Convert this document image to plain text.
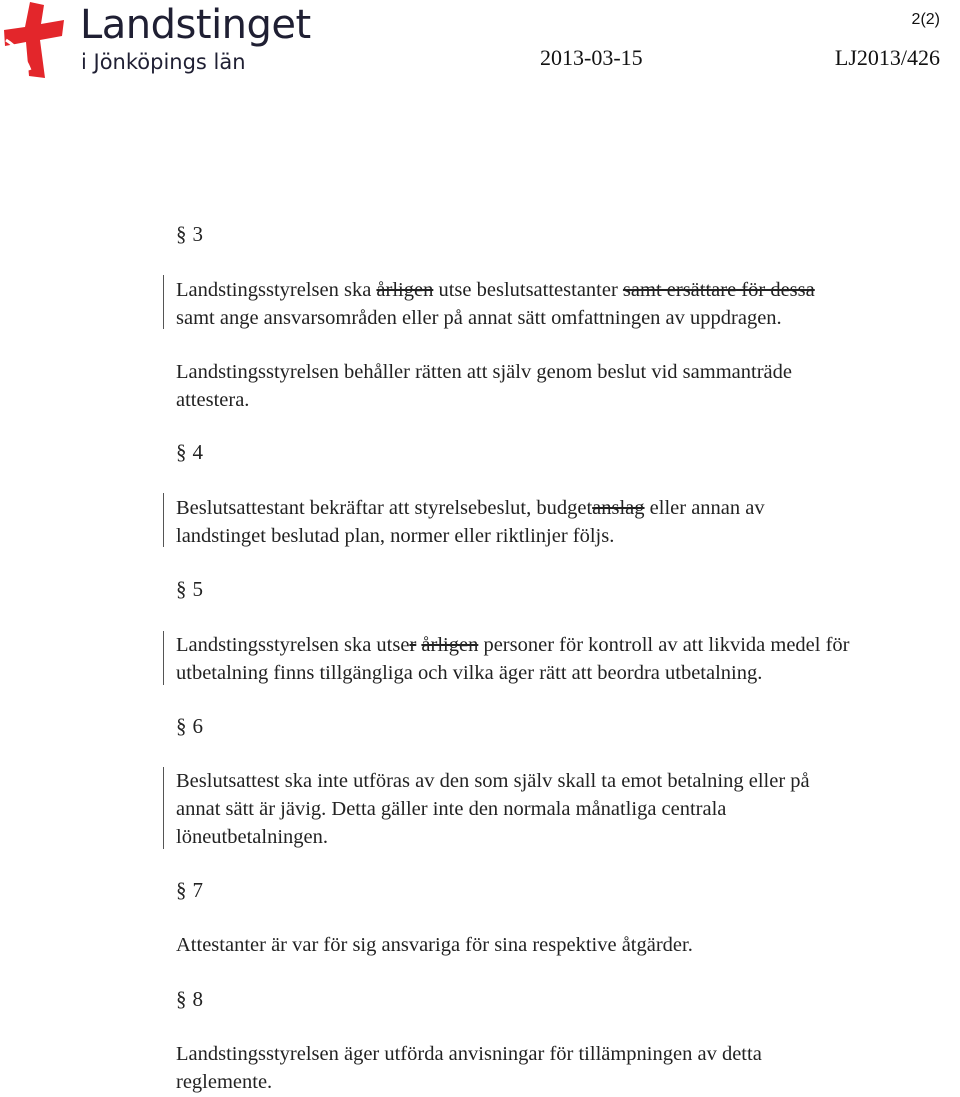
Landstinget
i Jönköpings län
2(2)
2013-03-15	LJ2013/426
§ 3
Landstingsstyrelsen ska årligen utse beslutsattestanter samt ersättare för dessa
samt ange ansvarsområden eller på annat sätt omfattningen av uppdragen.
Landstingsstyrelsen behåller rätten att själv genom beslut vid sammanträde
attestera.
§ 4
Beslutsattestant bekräftar att styrelsebeslut, budgetanslag eller annan av
landstinget beslutad plan, normer eller riktlinjer följs.
§ 5
Landstingsstyrelsen ska utser årligen personer för kontroll av att likvida medel för
utbetalning finns tillgängliga och vilka äger rätt att beordra utbetalning.
§ 6
Beslutsattest ska inte utföras av den som själv skall ta emot betalning eller på
annat sätt är jävig. Detta gäller inte den normala månatliga centrala
löneutbetalningen.
§ 7
Attestanter är var för sig ansvariga för sina respektive åtgärder.
§ 8
Landstingsstyrelsen äger utförda anvisningar för tillämpningen av detta
reglemente.
